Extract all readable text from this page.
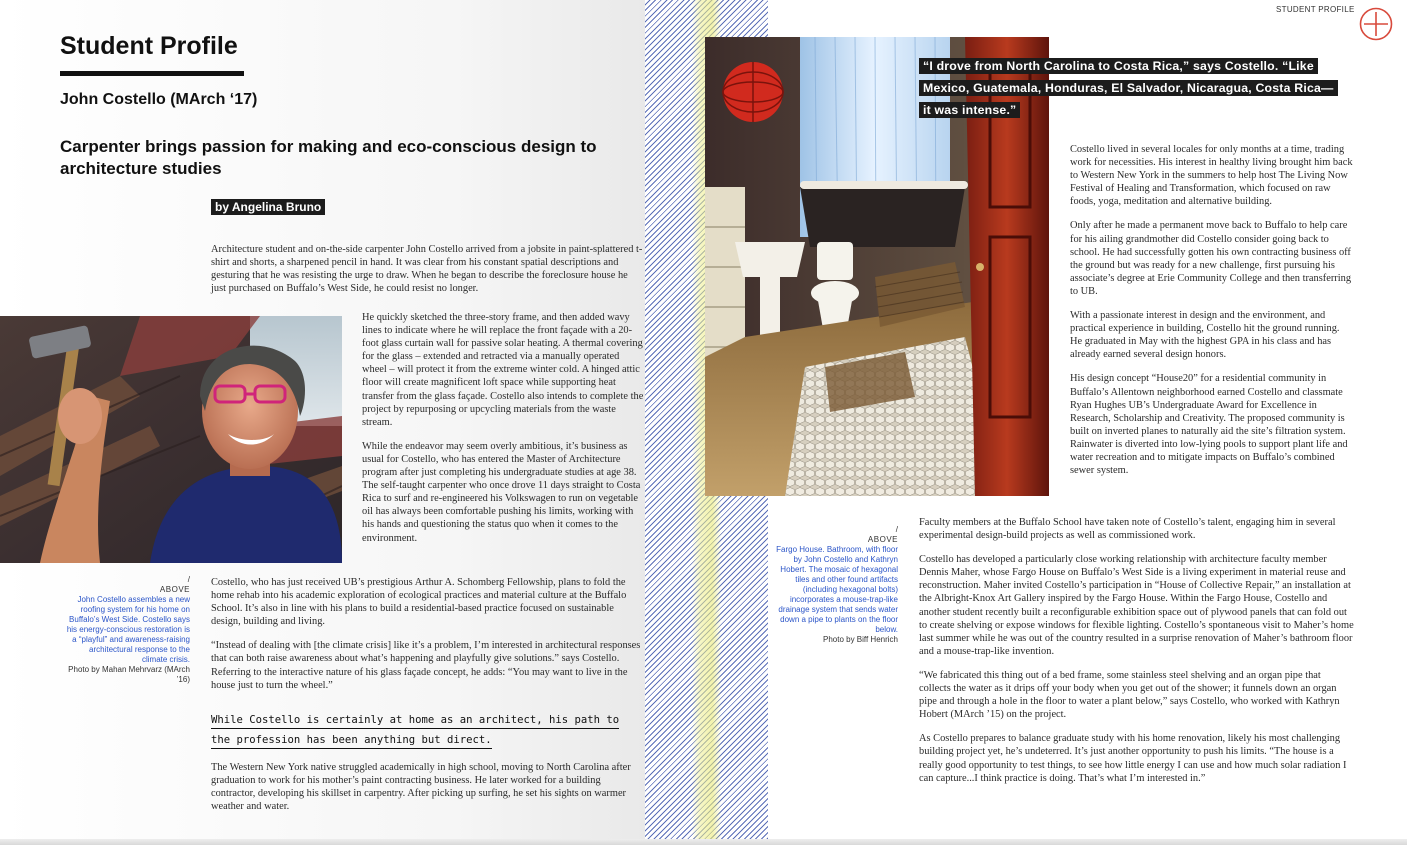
STUDENT PROFILE
Student Profile
John Costello (MArch ‘17)
Carpenter brings passion for making and eco-conscious design to architecture studies
by Angelina Bruno
Architecture student and on-the-side carpenter John Costello arrived from a jobsite in paint-splattered t-shirt and shorts, a sharpened pencil in hand. It was clear from his constant spatial descriptions and gesturing that he was resisting the urge to draw. When he began to describe the foreclosure house he just purchased on Buffalo’s West Side, he could resist no longer.

He quickly sketched the three-story frame, and then added wavy lines to indicate where he will replace the front façade with a 20-foot glass curtain wall for passive solar heating. A thermal covering for the glass – extended and retracted via a manually operated wheel – will protect it from the extreme winter cold. A hinged attic floor will create magnificent loft space while supporting heat transfer from the glass façade. Costello also intends to complete the project by repurposing or upcycling materials from the waste stream.

While the endeavor may seem overly ambitious, it’s business as usual for Costello, who has entered the Master of Architecture program after just completing his undergraduate studies at age 38. The self-taught carpenter who once drove 11 days straight to Costa Rica to surf and re-engineered his Volkswagen to run on vegetable oil has always been comfortable pushing his limits, working with his hands and questioning the status quo when it comes to the environment.

/
ABOVE
John Costello assembles a new roofing system for his home on Buffalo’s West Side. Costello says his energy-conscious restoration is a “playful” and awareness-raising architectural response to the climate crisis.
Photo by Mahan Mehrvarz (MArch ’16)

Costello, who has just received UB’s prestigious Arthur A. Schomberg Fellowship, plans to fold the home rehab into his academic exploration of ecological practices and material culture at the Buffalo School. It’s also in line with his plans to build a residential-based practice focused on sustainable design, building and living.

“Instead of dealing with [the climate crisis] like it’s a problem, I’m interested in architectural responses that can both raise awareness about what’s happening and playfully give solutions.” says Costello. Referring to the interactive nature of his glass façade concept, he adds: “You may want to live in the house just to turn the wheel.”

While Costello is certainly at home as an architect, his path to the profession has been anything but direct.
The Western New York native struggled academically in high school, moving to North Carolina after graduation to work for his mother’s paint contracting business. He later worked for a building contractor, developing his skillset in carpentry. After picking up surfing, he set his sights on warmer weather and water.
“I drove from North Carolina to Costa Rica,” says Costello. “Like Mexico, Guatemala, Honduras, El Salvador, Nicaragua, Costa Rica—it was intense.”

Costello lived in several locales for only months at a time, trading work for necessities. His interest in healthy living brought him back to Western New York in the summers to help host The Living Now Festival of Healing and Transformation, which focused on raw foods, yoga, meditation and alternative building.

Only after he made a permanent move back to Buffalo to help care for his ailing grandmother did Costello consider going back to school. He had successfully gotten his own contracting business off the ground but was ready for a new challenge, first pursuing his associate’s degree at Erie Community College and then transferring to UB.

With a passionate interest in design and the environment, and practical experience in building, Costello hit the ground running. He graduated in May with the highest GPA in his class and has already earned several design honors.

His design concept “House20” for a residential community in Buffalo’s Allentown neighborhood earned Costello and classmate Ryan Hughes UB’s Undergraduate Award for Excellence in Research, Scholarship and Creativity. The proposed community is built on inverted planes to naturally aid the site’s filtration system. Rainwater is diverted into low-lying pools to support plant life and water recreation and to mitigate impacts on Buffalo’s combined sewer system.

/
ABOVE
Fargo House. Bathroom, with floor by John Costello and Kathryn Hobert. The mosaic of hexagonal tiles and other found artifacts (including hexagonal bolts) incorporates a mouse-trap-like drainage system that sends water down a pipe to plants on the floor below.
Photo by Biff Henrich

Faculty members at the Buffalo School have taken note of Costello’s talent, engaging him in several experimental design-build projects as well as commissioned work.

Costello has developed a particularly close working relationship with architecture faculty member Dennis Maher, whose Fargo House on Buffalo’s West Side is a living experiment in material reuse and reconstruction. Maher invited Costello’s participation in “House of Collective Repair,” an installation at the Albright-Knox Art Gallery inspired by the Fargo House. Within the Fargo House, Costello and another student recently built a reconfigurable exhibition space out of plywood panels that can fold out to create shelving or expose windows for flexible lighting. Costello’s spontaneous visit to Maher’s home last summer while he was out of the country resulted in a surprise renovation of Maher’s bathroom floor and a mouse-trap-like invention.

“We fabricated this thing out of a bed frame, some stainless steel shelving and an organ pipe that collects the water as it drips off your body when you get out of the shower; it funnels down an organ pipe and through a hole in the floor to water a plant below,” says Costello, who worked with Kathryn Hobert (MArch ’15) on the project.

As Costello prepares to balance graduate study with his home renovation, likely his most challenging building project yet, he’s undeterred. It’s just another opportunity to push his limits. “The house is a really good opportunity to test things, to see how little energy I can use and how much solar radiation I can capture...I think practice is doing. That’s what I’m interested in.”
